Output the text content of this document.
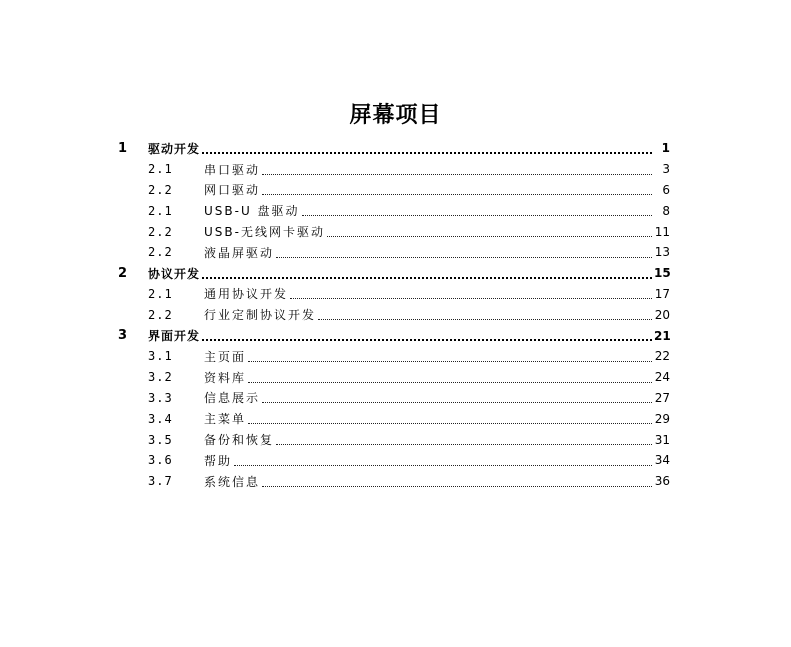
屏幕项目
1	驱动开发	1
2.1	串口驱动	3
2.2	网口驱动	6
2.1	USB-U 盘驱动	8
2.2	USB-无线网卡驱动	11
2.2	液晶屏驱动	13
2	协议开发	15
2.1	通用协议开发	17
2.2	行业定制协议开发	20
3	界面开发	21
3.1	主页面	22
3.2	资料库	24
3.3	信息展示	27
3.4	主菜单	29
3.5	备份和恢复	31
3.6	帮助	34
3.7	系统信息	36
